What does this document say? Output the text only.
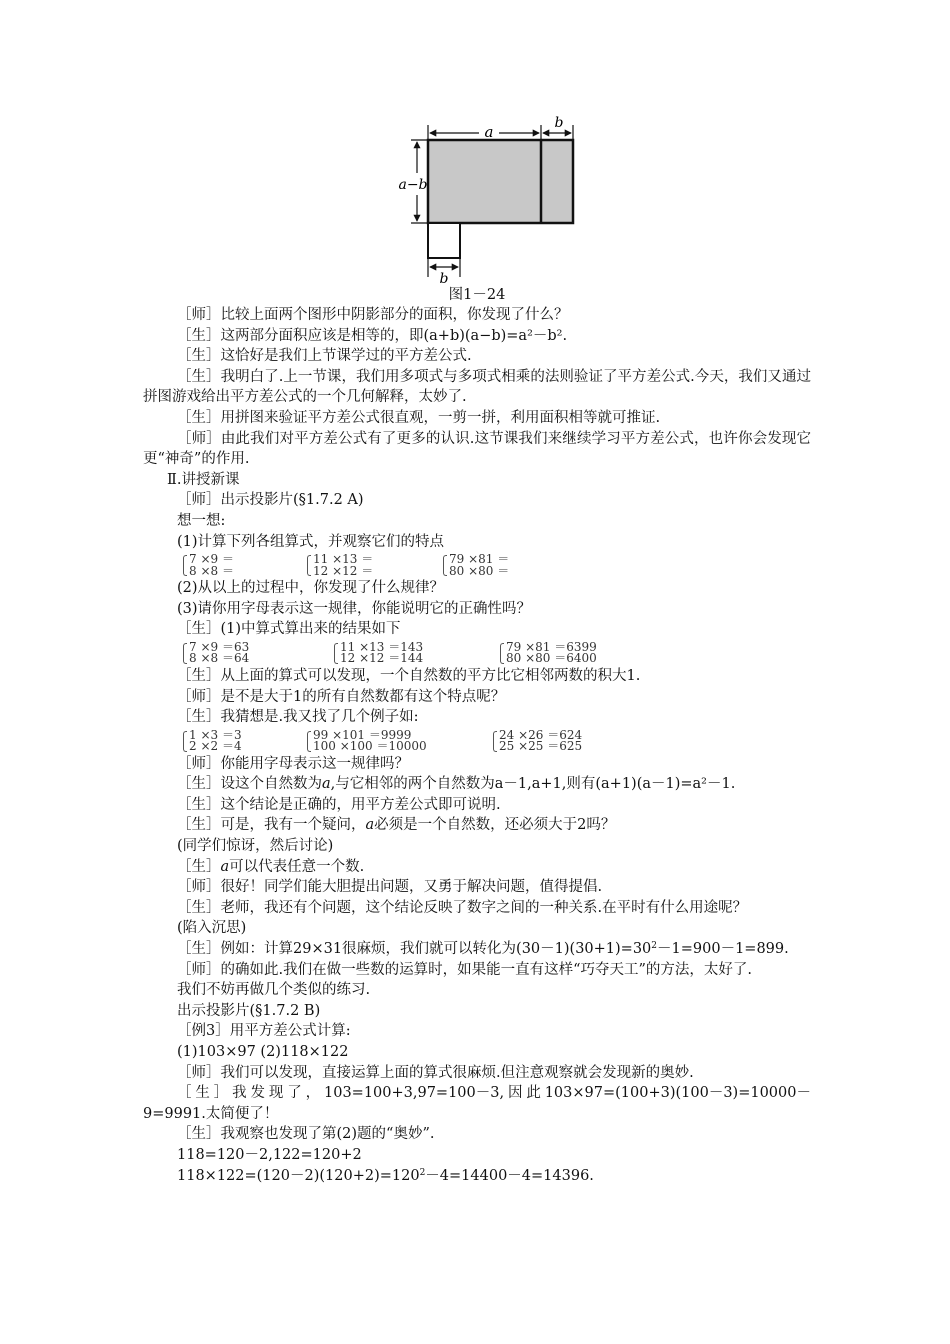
a	b
a−b
b
图1－24
［师］比较上面两个图形中阴影部分的面积，你发现了什么？
［生］这两部分面积应该是相等的，即(a+b)(a−b)=a²－b².
［生］这恰好是我们上节课学过的平方差公式.
［生］我明白了.上一节课，我们用多项式与多项式相乘的法则验证了平方差公式.今天，我们又通过拼图游戏给出平方差公式的一个几何解释，太妙了.
［生］用拼图来验证平方差公式很直观，一剪一拼，利用面积相等就可推证.
［师］由此我们对平方差公式有了更多的认识.这节课我们来继续学习平方差公式，也许你会发现它更“神奇”的作用.
Ⅱ.讲授新课
［师］出示投影片(§1.7.2 A)
想一想:
(1)计算下列各组算式，并观察它们的特点
7 ×9 ＝
8 ×8 ＝
11 ×13 ＝
12 ×12 ＝
79 ×81 ＝
80 ×80 ＝
(2)从以上的过程中，你发现了什么规律？
(3)请你用字母表示这一规律，你能说明它的正确性吗？
［生］(1)中算式算出来的结果如下
7 ×9 ＝63
8 ×8 ＝64
11 ×13 ＝143
12 ×12 ＝144
79 ×81 ＝6399
80 ×80 ＝6400
［生］从上面的算式可以发现，一个自然数的平方比它相邻两数的积大1.
［师］是不是大于1的所有自然数都有这个特点呢？
［生］我猜想是.我又找了几个例子如:
1 ×3 ＝3
2 ×2 ＝4
99 ×101 ＝9999
100 ×100 ＝10000
24 ×26 ＝624
25 ×25 ＝625
［师］你能用字母表示这一规律吗？
［生］设这个自然数为a,与它相邻的两个自然数为a－1,a+1,则有(a+1)(a－1)=a²－1.
［生］这个结论是正确的，用平方差公式即可说明.
［生］可是，我有一个疑问，a必须是一个自然数，还必须大于2吗？
(同学们惊讶，然后讨论)
［生］a可以代表任意一个数.
［师］很好！同学们能大胆提出问题，又勇于解决问题，值得提倡.
［生］老师，我还有个问题，这个结论反映了数字之间的一种关系.在平时有什么用途呢？
(陷入沉思)
［生］例如：计算29×31很麻烦，我们就可以转化为$(30-1)(30+1)=30^2-1=900-1=899$.
［师］的确如此.我们在做一些数的运算时，如果能一直有这样“巧夺天工”的方法，太好了.
我们不妨再做几个类似的练习.
出示投影片(§1.7.2 B)
［例3］用平方差公式计算:
(1)103×97 (2)118×122
［师］我们可以发现，直接运算上面的算式很麻烦.但注意观察就会发现新的奥妙.
［生］我发现了，103=100+3,97=100－3,因此103×97=(100+3)(100－3)=10000－9=9991.太简便了！
［生］我观察也发现了第(2)题的“奥妙”.
118=120－2,122=120+2
$118\times 122=(120-2)(120+2)=120^2-4=14400-4=14396$.
